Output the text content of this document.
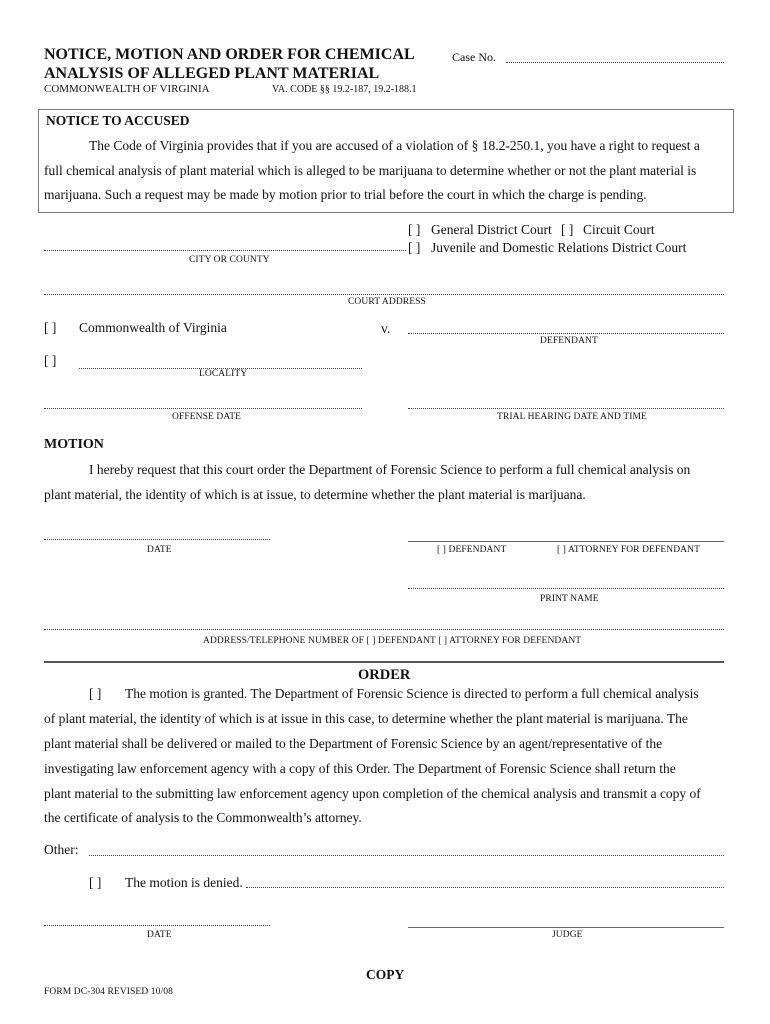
NOTICE, MOTION AND ORDER FOR CHEMICAL
ANALYSIS OF ALLEGED PLANT MATERIAL
COMMONWEALTH OF VIRGINIA	VA. CODE §§ 19.2-187, 19.2-188.1
Case No.
NOTICE TO ACCUSED
The Code of Virginia provides that if you are accused of a violation of § 18.2-250.1, you have a right to request a
full chemical analysis of plant material which is alleged to be marijuana to determine whether or not the plant material is
marijuana. Such a request may be made by motion prior to trial before the court in which the charge is pending.
[ ] General District Court [ ] Circuit Court
[ ] Juvenile and Domestic Relations District Court
CITY OR COUNTY
COURT ADDRESS
[ ] Commonwealth of Virginia	v.
DEFENDANT
[ ]
LOCALITY
OFFENSE DATE	TRIAL HEARING DATE AND TIME
MOTION
I hereby request that this court order the Department of Forensic Science to perform a full chemical analysis on
plant material, the identity of which is at issue, to determine whether the plant material is marijuana.
DATE	[ ] DEFENDANT	[ ] ATTORNEY FOR DEFENDANT
PRINT NAME
ADDRESS/TELEPHONE NUMBER OF [ ] DEFENDANT [ ] ATTORNEY FOR DEFENDANT
ORDER
[ ] The motion is granted. The Department of Forensic Science is directed to perform a full chemical analysis
of plant material, the identity of which is at issue in this case, to determine whether the plant material is marijuana. The
plant material shall be delivered or mailed to the Department of Forensic Science by an agent/representative of the
investigating law enforcement agency with a copy of this Order. The Department of Forensic Science shall return the
plant material to the submitting law enforcement agency upon completion of the chemical analysis and transmit a copy of
the certificate of analysis to the Commonwealth’s attorney.
Other:
[ ] The motion is denied.
DATE	JUDGE
COPY
FORM DC-304 REVISED 10/08
